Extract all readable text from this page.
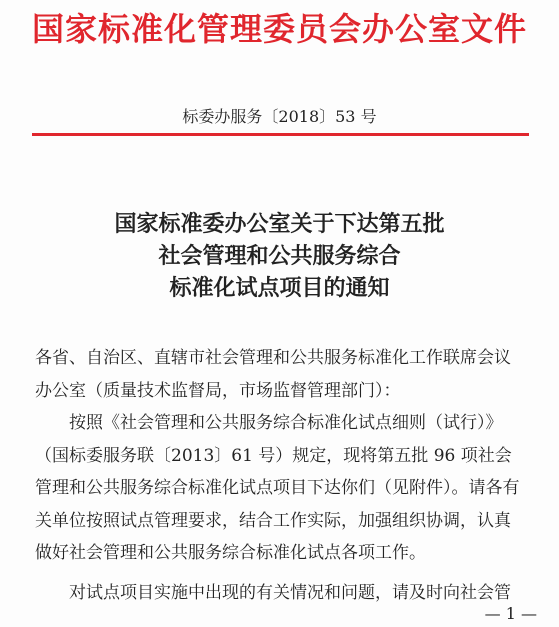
国家标准化管理委员会办公室文件
标委办服务〔2018〕53 号
国家标准委办公室关于下达第五批
社会管理和公共服务综合
标准化试点项目的通知

各省、自治区、直辖市社会管理和公共服务标准化工作联席会议办公室（质量技术监督局，市场监督管理部门）：

按照《社会管理和公共服务综合标准化试点细则（试行）》（国标委服务联〔2013〕61 号）规定，现将第五批 96 项社会管理和公共服务综合标准化试点项目下达你们（见附件）。请各有关单位按照试点管理要求，结合工作实际，加强组织协调，认真做好社会管理和公共服务综合标准化试点各项工作。

对试点项目实施中出现的有关情况和问题，请及时向社会管

— 1 —
